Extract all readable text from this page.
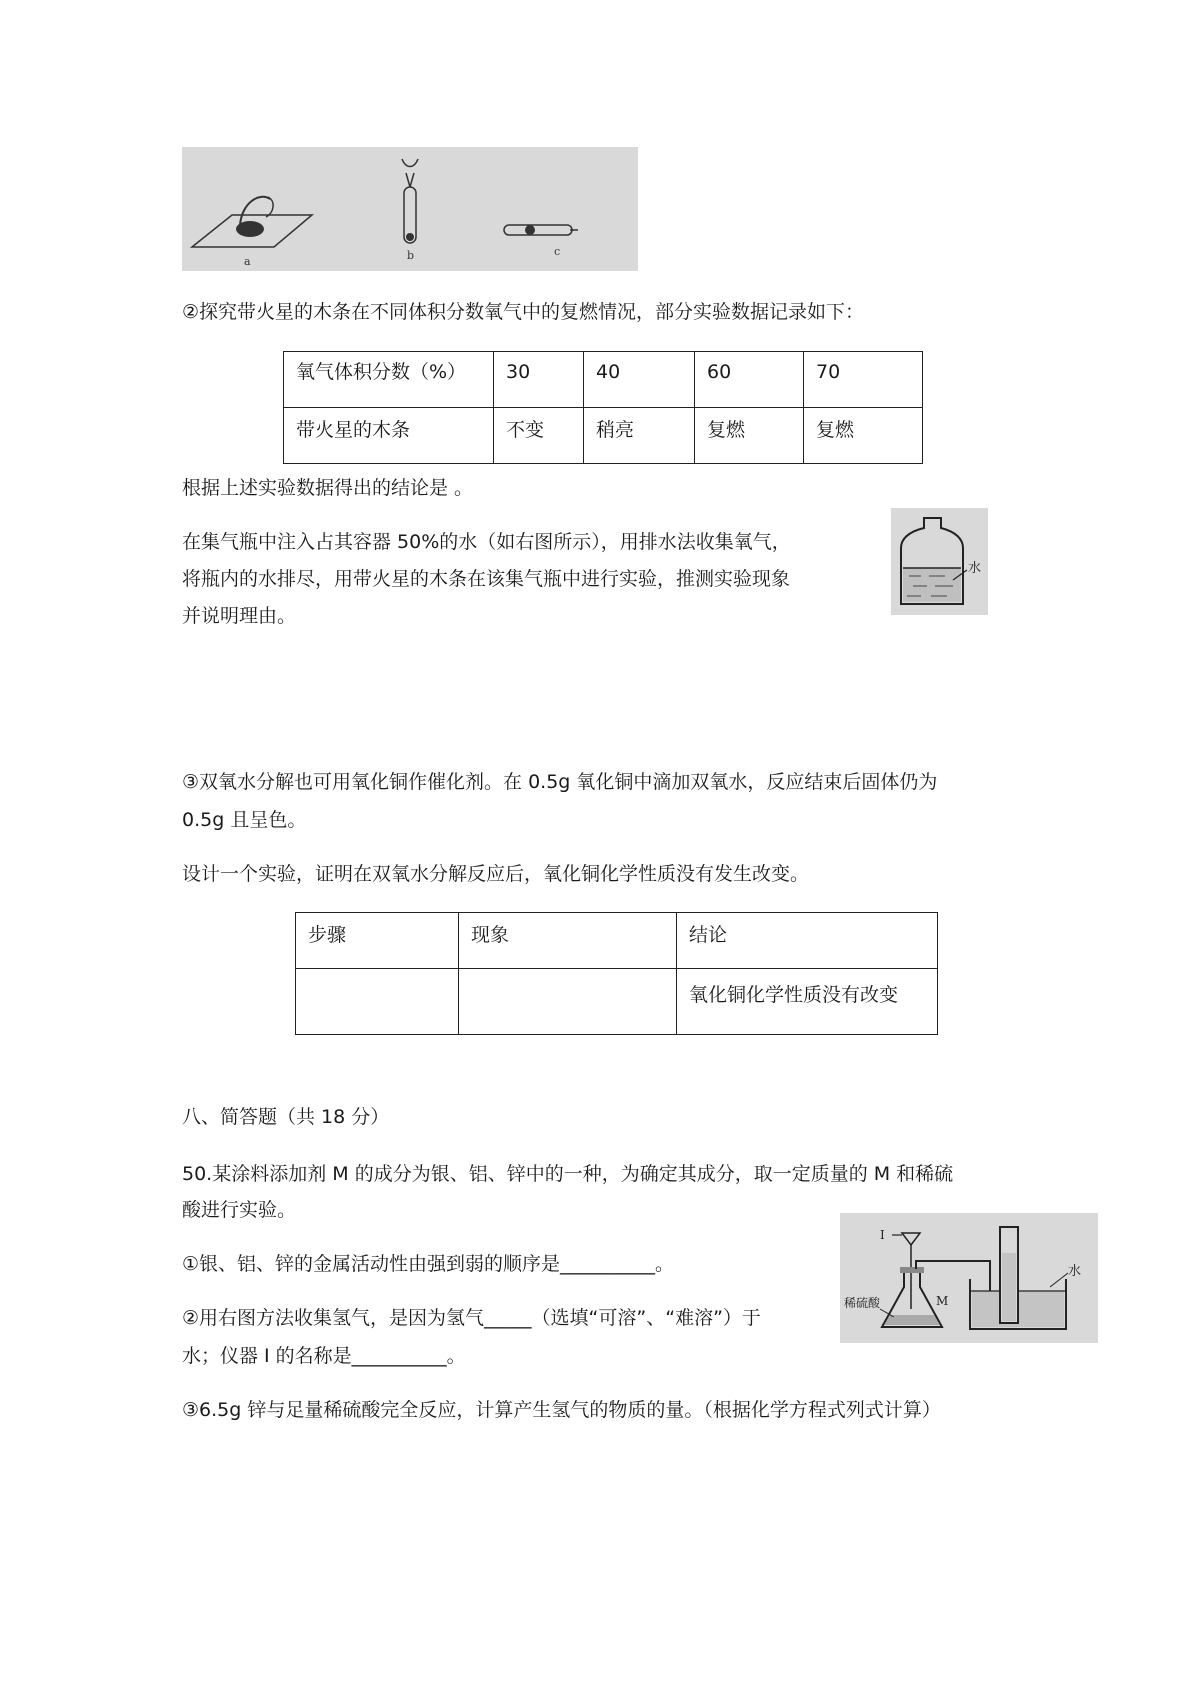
a	b	c
②探究带火星的木条在不同体积分数氧气中的复燃情况，部分实验数据记录如下：
氧气体积分数（%）	30	40	60	70
带火星的木条	不变	稍亮	复燃	复燃
根据上述实验数据得出的结论是 。
在集气瓶中注入占其容器 50%的水（如右图所示），用排水法收集氧气，
将瓶内的水排尽，用带火星的木条在该集气瓶中进行实验，推测实验现象
并说明理由。
水
③双氧水分解也可用氧化铜作催化剂。在 0.5g 氧化铜中滴加双氧水，反应结束后固体仍为
0.5g 且呈色。
设计一个实验，证明在双氧水分解反应后，氧化铜化学性质没有发生改变。
步骤	现象	结论
		氧化铜化学性质没有改变
八、简答题（共 18 分）
50.某涂料添加剂 M 的成分为银、铝、锌中的一种，为确定其成分，取一定质量的 M 和稀硫
酸进行实验。
①银、铝、锌的金属活动性由强到弱的顺序是__________。
②用右图方法收集氢气，是因为氢气_____（选填“可溶”、“难溶”）于
水；仪器 I 的名称是__________。
③6.5g 锌与足量稀硫酸完全反应，计算产生氢气的物质的量。（根据化学方程式列式计算）
I
稀硫酸	M
水
